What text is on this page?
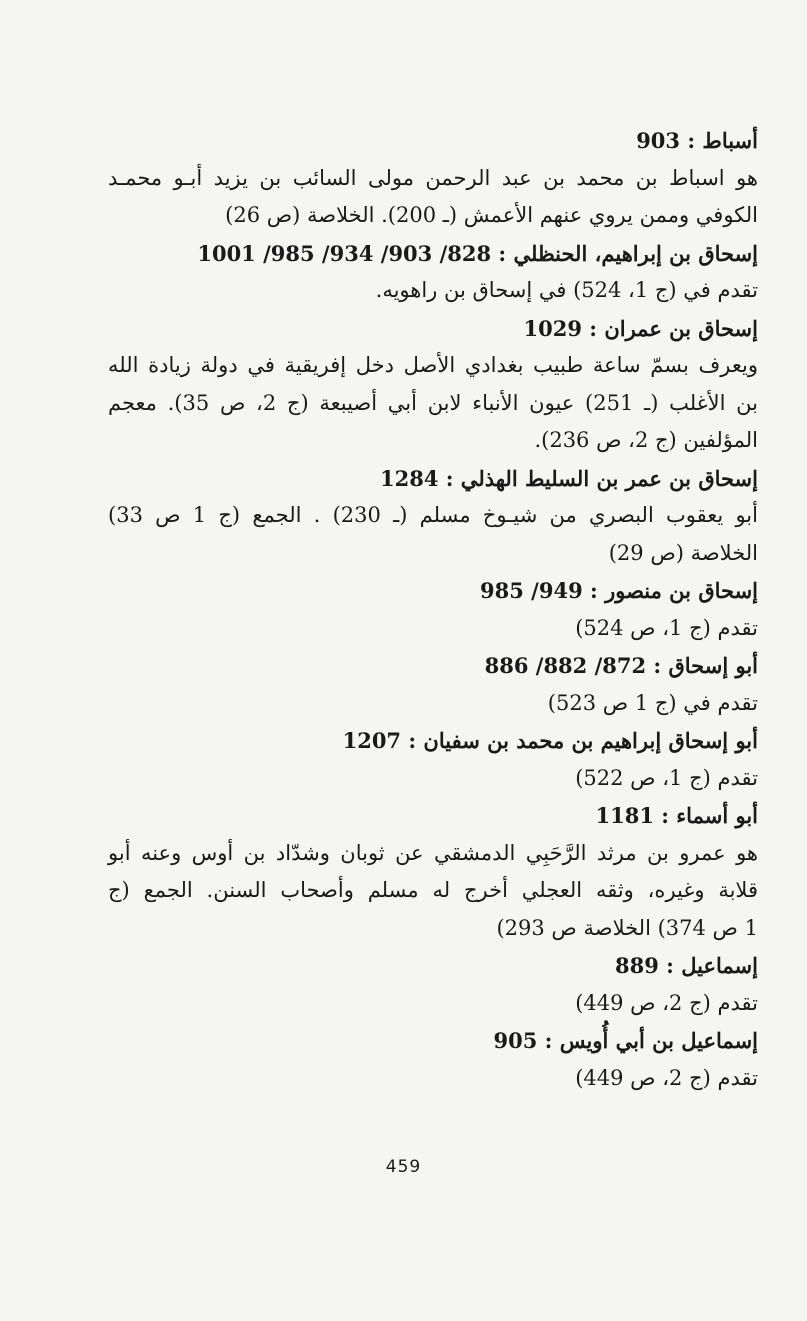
أسباط : 903
هو اسباط بن محمد بن عبد الرحمن مولى السائب بن يزيد أبـو محمـد
الكوفي وممن يروي عنهم الأعمش (ـ 200). الخلاصة (ص 26)
إسحاق بن إبراهيم، الحنظلي : 828/ 903/ 934/ 985/ 1001
تقدم في (ج 1، 524) في إسحاق بن راهويه.
إسحاق بن عمران : 1029
ويعرف بسمّ ساعة طبيب بغدادي الأصل دخل إفريقية في دولة زيادة الله
بن الأغلب (ـ 251) عيون الأنباء لابن أبي أصيبعة (ج 2، ص 35). معجم
المؤلفين (ج 2، ص 236).
إسحاق بن عمر بن السليط الهذلي : 1284
أبو يعقوب البصري من شيـوخ مسلم (ـ 230) . الجمع (ج 1 ص 33)
الخلاصة (ص 29)
إسحاق بن منصور : 949/ 985
تقدم (ج 1، ص 524)
أبو إسحاق : 872/ 882/ 886
تقدم في (ج 1 ص 523)
أبو إسحاق إبراهيم بن محمد بن سفيان : 1207
تقدم (ج 1، ص 522)
أبو أسماء : 1181
هو عمرو بن مرثد الرَّحَبِي الدمشقي عن ثوبان وشدّاد بن أوس وعنه أبو
قلابة وغيره، وثقه العجلي أخرج له مسلم وأصحاب السنن. الجمع (ج
1 ص 374) الخلاصة ص 293)
إسماعيل : 889
تقدم (ج 2، ص 449)
إسماعيل بن أبي أُويس : 905
تقدم (ج 2، ص 449)
459
